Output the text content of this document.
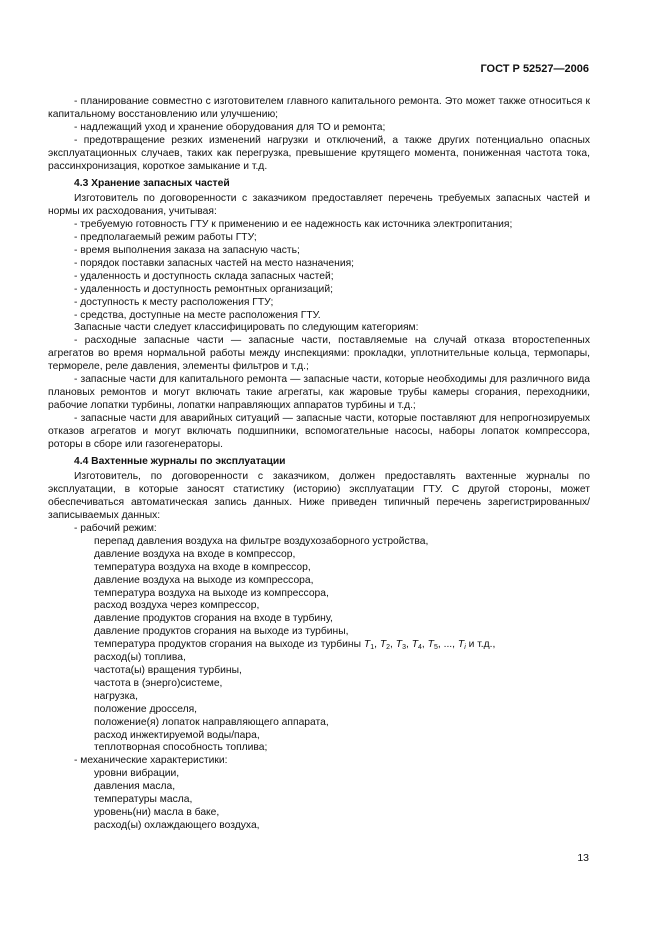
ГОСТ Р 52527—2006

- планирование совместно с изготовителем главного капитального ремонта. Это может также относиться к капитальному восстановлению или улучшению;

- надлежащий уход и хранение оборудования для ТО и ремонта;

- предотвращение резких изменений нагрузки и отключений, а также других потенциально опасных эксплуатационных случаев, таких как перегрузка, превышение крутящего момента, пониженная частота тока, рассинхронизация, короткое замыкание и т.д.

4.3 Хранение запасных частей

Изготовитель по договоренности с заказчиком предоставляет перечень требуемых запасных частей и нормы их расходования, учитывая:

- требуемую готовность ГТУ к применению и ее надежность как источника электропитания;

- предполагаемый режим работы ГТУ;

- время выполнения заказа на запасную часть;

- порядок поставки запасных частей на место назначения;

- удаленность и доступность склада запасных частей;

- удаленность и доступность ремонтных организаций;

- доступность к месту расположения ГТУ;

- средства, доступные на месте расположения ГТУ.

Запасные части следует классифицировать по следующим категориям:

- расходные запасные части — запасные части, поставляемые на случай отказа второстепенных агрегатов во время нормальной работы между инспекциями: прокладки, уплотнительные кольца, термопары, терморелe, реле давления, элементы фильтров и т.д.;

- запасные части для капитального ремонта — запасные части, которые необходимы для различного вида плановых ремонтов и могут включать такие агрегаты, как жаровые трубы камеры сгорания, переходники, рабочие лопатки турбины, лопатки направляющих аппаратов турбины и т.д.;

- запасные части для аварийных ситуаций — запасные части, которые поставляют для непрогнозируемых отказов агрегатов и могут включать подшипники, вспомогательные насосы, наборы лопаток компрессора, роторы в сборе или газогенераторы.

4.4 Вахтенные журналы по эксплуатации

Изготовитель, по договоренности с заказчиком, должен предоставлять вахтенные журналы по эксплуатации, в которые заносят статистику (историю) эксплуатации ГТУ. С другой стороны, может обеспечиваться автоматическая запись данных. Ниже приведен типичный перечень зарегистрированных/записываемых данных:

- рабочий режим:

перепад давления воздуха на фильтре воздухозаборного устройства,

давление воздуха на входе в компрессор,

температура воздуха на входе в компрессор,

давление воздуха на выходе из компрессора,

температура воздуха на выходе из компрессора,

расход воздуха через компрессор,

давление продуктов сгорания на входе в турбину,

давление продуктов сгорания на выходе из турбины,

температура продуктов сгорания на выходе из турбины $T_1$, $T_2$, $T_3$, $T_4$, $T_5$, ..., $T_i$ и т.д.,

расход(ы) топлива,

частота(ы) вращения турбины,

частота в (энерго)системе,

нагрузка,

положение дросселя,

положение(я) лопаток направляющего аппарата,

расход инжектируемой воды/пара,

теплотворная способность топлива;

- механические характеристики:

уровни вибрации,

давления масла,

температуры масла,

уровень(ни) масла в баке,

расход(ы) охлаждающего воздуха,

13
